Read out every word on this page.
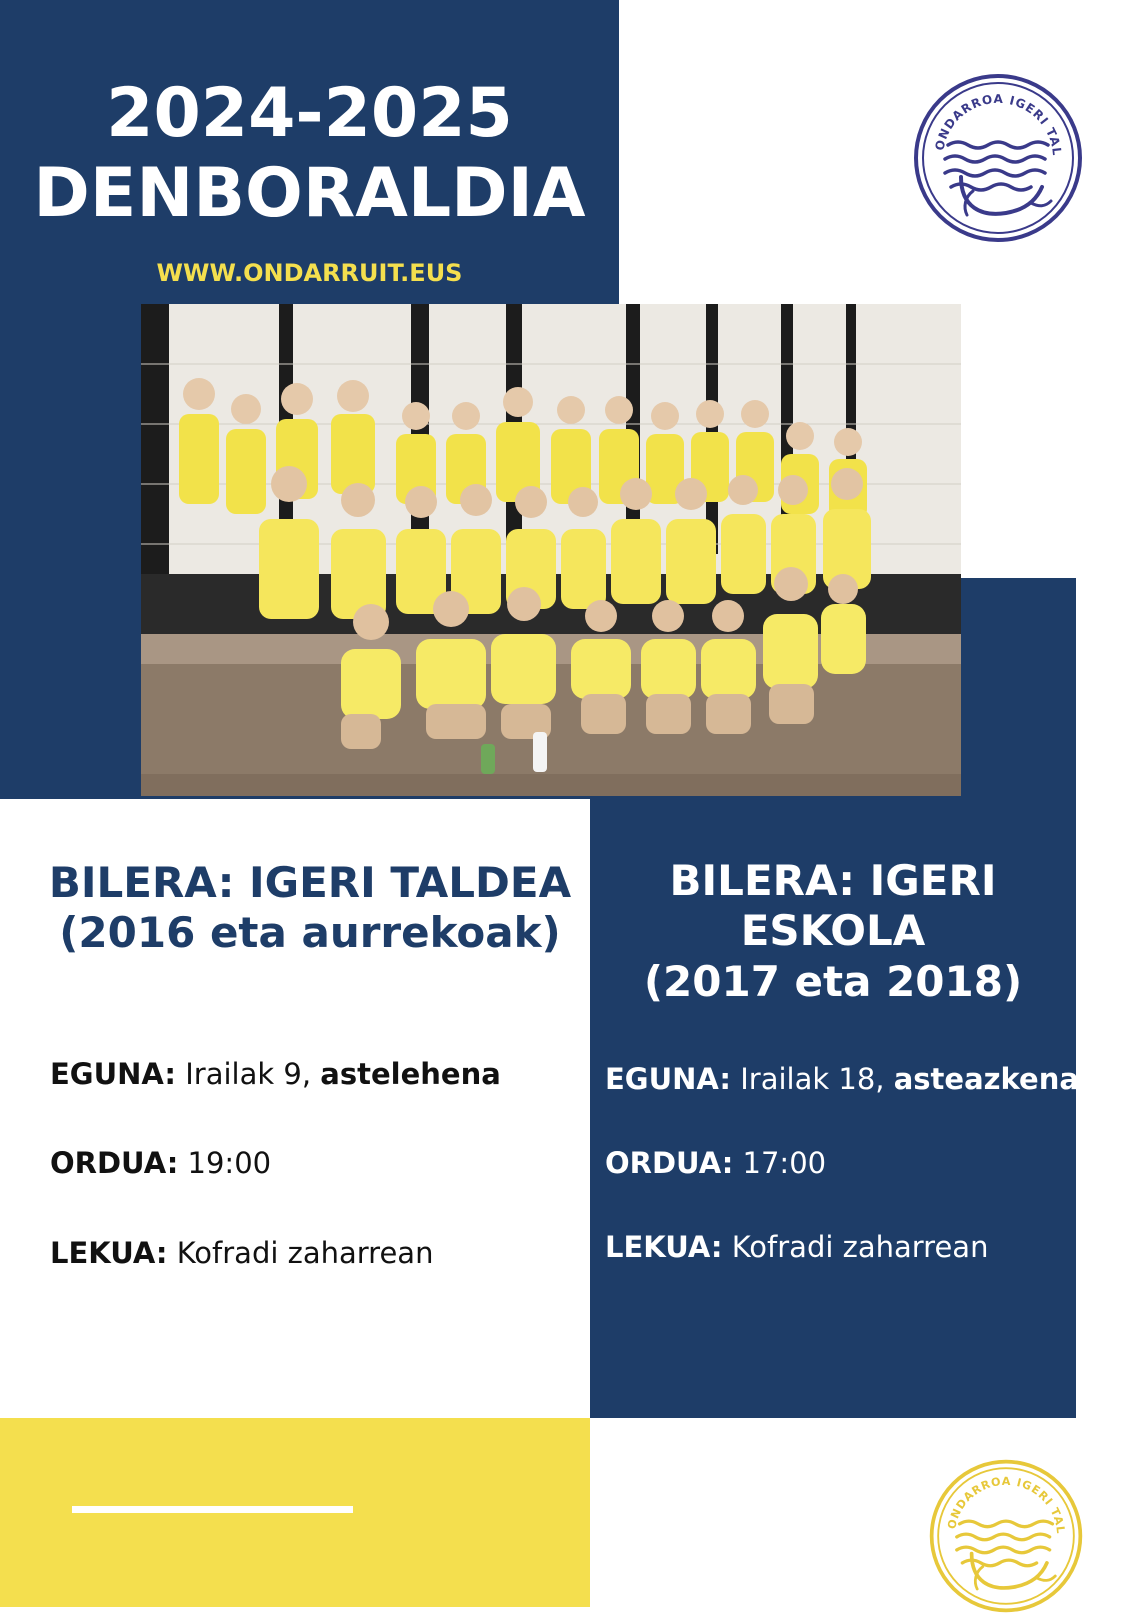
2024-2025
DENBORALDIA
WWW.ONDARRUIT.EUS
ONDARROA IGERI TAL
BILERA: IGERI TALDEA
(2016 eta aurrekoak)
EGUNA: Irailak 9, astelehena
ORDUA: 19:00
LEKUA: Kofradi zaharrean
BILERA: IGERI ESKOLA
(2017 eta 2018)
EGUNA: Irailak 18, asteazkena
ORDUA: 17:00
LEKUA: Kofradi zaharrean
ONDARROA IGERI TAL
